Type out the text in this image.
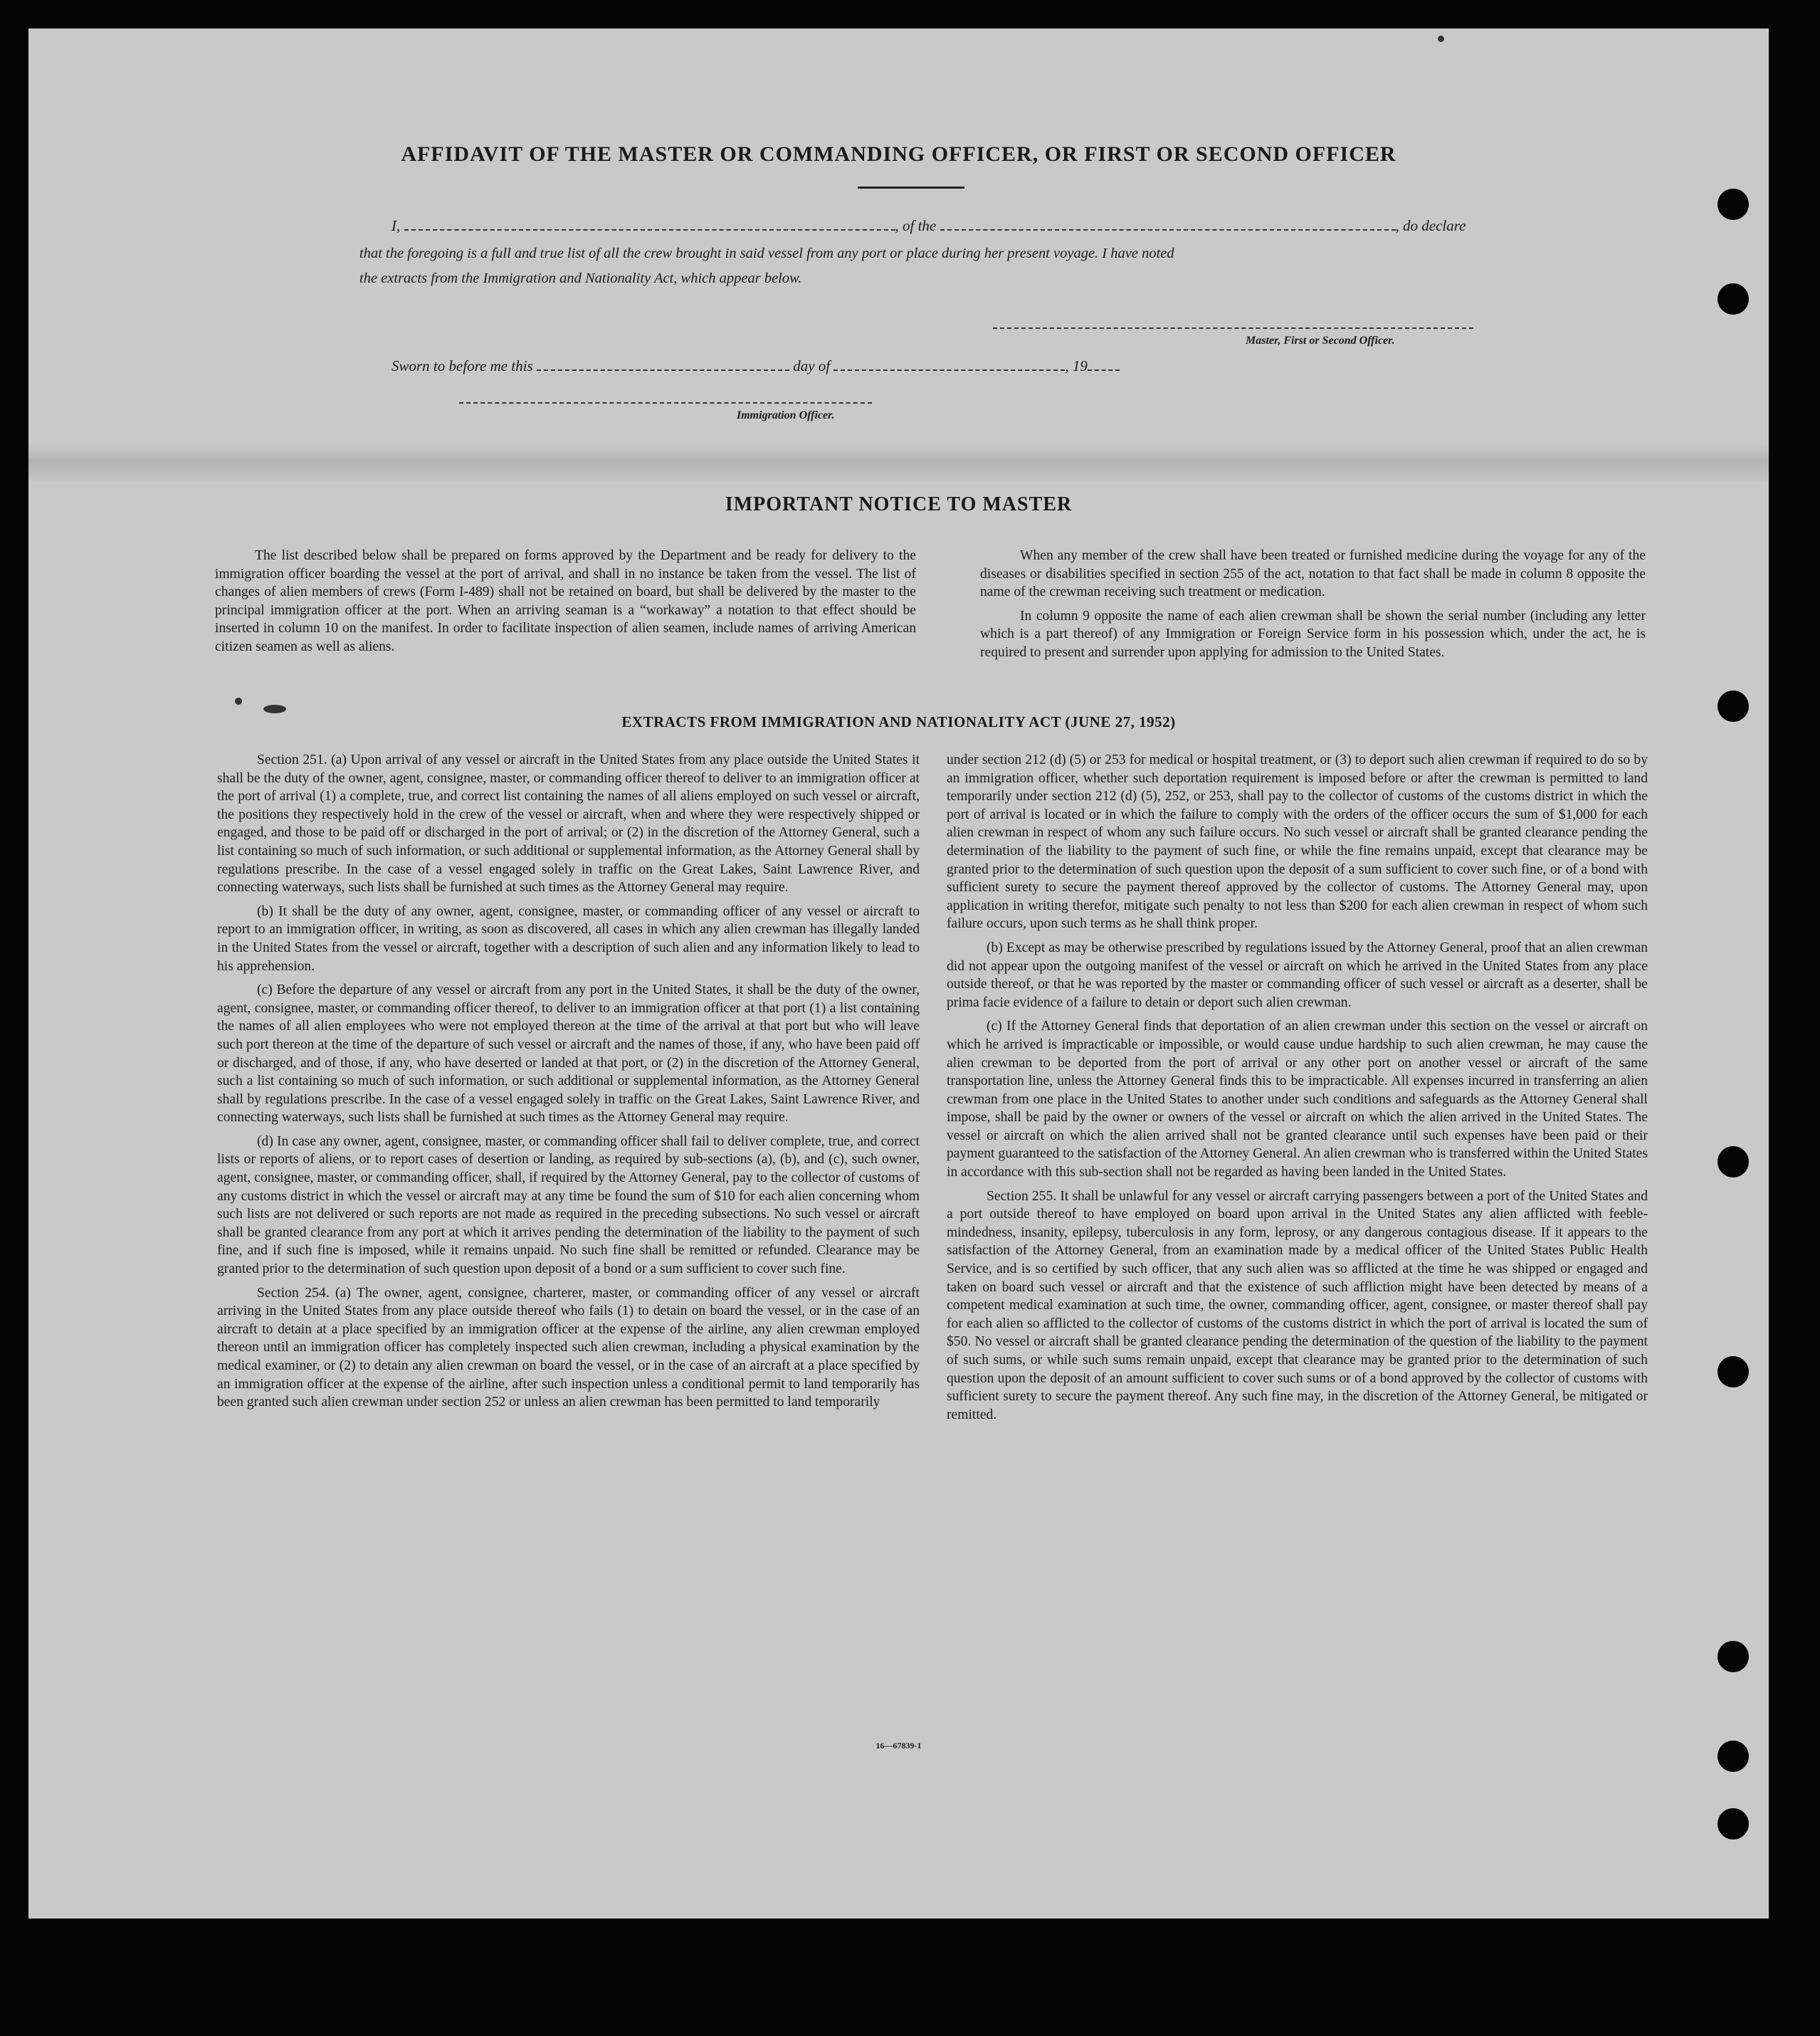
AFFIDAVIT OF THE MASTER OR COMMANDING OFFICER, OR FIRST OR SECOND OFFICER
I,	, of the	, do declare
that the foregoing is a full and true list of all the crew brought in said vessel from any port or place during her present voyage. I have noted
the extracts from the Immigration and Nationality Act, which appear below.
Master, First or Second Officer.
Sworn to before me this	day of	, 19
Immigration Officer.
IMPORTANT NOTICE TO MASTER

The list described below shall be prepared on forms approved by the Department and be ready for delivery to the immigration officer boarding the vessel at the port of arrival, and shall in no instance be taken from the vessel. The list of changes of alien members of crews (Form I-489) shall not be retained on board, but shall be delivered by the master to the principal immigration officer at the port. When an arriving seaman is a “workaway” a notation to that effect should be inserted in column 10 on the manifest. In order to facilitate inspection of alien seamen, include names of arriving American citizen seamen as well as aliens.

When any member of the crew shall have been treated or furnished medicine during the voyage for any of the diseases or disabilities specified in section 255 of the act, notation to that fact shall be made in column 8 opposite the name of the crewman receiving such treatment or medication.

In column 9 opposite the name of each alien crewman shall be shown the serial number (including any letter which is a part thereof) of any Immigration or Foreign Service form in his possession which, under the act, he is required to present and surrender upon applying for admission to the United States.

EXTRACTS FROM IMMIGRATION AND NATIONALITY ACT (JUNE 27, 1952)

Section 251. (a) Upon arrival of any vessel or aircraft in the United States from any place outside the United States it shall be the duty of the owner, agent, consignee, master, or commanding officer thereof to deliver to an immigration officer at the port of arrival (1) a complete, true, and correct list containing the names of all aliens employed on such vessel or aircraft, the positions they respectively hold in the crew of the vessel or aircraft, when and where they were respectively shipped or engaged, and those to be paid off or discharged in the port of arrival; or (2) in the discretion of the Attorney General, such a list containing so much of such information, or such additional or supplemental information, as the Attorney General shall by regulations prescribe. In the case of a vessel engaged solely in traffic on the Great Lakes, Saint Lawrence River, and connecting waterways, such lists shall be furnished at such times as the Attorney General may require.

(b) It shall be the duty of any owner, agent, consignee, master, or commanding officer of any vessel or aircraft to report to an immigration officer, in writing, as soon as discovered, all cases in which any alien crewman has illegally landed in the United States from the vessel or aircraft, together with a description of such alien and any information likely to lead to his apprehension.

(c) Before the departure of any vessel or aircraft from any port in the United States, it shall be the duty of the owner, agent, consignee, master, or commanding officer thereof, to deliver to an immigration officer at that port (1) a list containing the names of all alien employees who were not employed thereon at the time of the arrival at that port but who will leave such port thereon at the time of the departure of such vessel or aircraft and the names of those, if any, who have been paid off or discharged, and of those, if any, who have deserted or landed at that port, or (2) in the discretion of the Attorney General, such a list containing so much of such information, or such additional or supplemental information, as the Attorney General shall by regulations prescribe. In the case of a vessel engaged solely in traffic on the Great Lakes, Saint Lawrence River, and connecting waterways, such lists shall be furnished at such times as the Attorney General may require.

(d) In case any owner, agent, consignee, master, or commanding officer shall fail to deliver complete, true, and correct lists or reports of aliens, or to report cases of desertion or landing, as required by sub-sections (a), (b), and (c), such owner, agent, consignee, master, or commanding officer, shall, if required by the Attorney General, pay to the collector of customs of any customs district in which the vessel or aircraft may at any time be found the sum of $10 for each alien concerning whom such lists are not delivered or such reports are not made as required in the preceding subsections. No such vessel or aircraft shall be granted clearance from any port at which it arrives pending the determination of the liability to the payment of such fine, and if such fine is imposed, while it remains unpaid. No such fine shall be remitted or refunded. Clearance may be granted prior to the determination of such question upon deposit of a bond or a sum sufficient to cover such fine.

Section 254. (a) The owner, agent, consignee, charterer, master, or commanding officer of any vessel or aircraft arriving in the United States from any place outside thereof who fails (1) to detain on board the vessel, or in the case of an aircraft to detain at a place specified by an immigration officer at the expense of the airline, any alien crewman employed thereon until an immigration officer has completely inspected such alien crewman, including a physical examination by the medical examiner, or (2) to detain any alien crewman on board the vessel, or in the case of an aircraft at a place specified by an immigration officer at the expense of the airline, after such inspection unless a conditional permit to land temporarily has been granted such alien crewman under section 252 or unless an alien crewman has been permitted to land temporarily

under section 212 (d) (5) or 253 for medical or hospital treatment, or (3) to deport such alien crewman if required to do so by an immigration officer, whether such deportation requirement is imposed before or after the crewman is permitted to land temporarily under section 212 (d) (5), 252, or 253, shall pay to the collector of customs of the customs district in which the port of arrival is located or in which the failure to comply with the orders of the officer occurs the sum of $1,000 for each alien crewman in respect of whom any such failure occurs. No such vessel or aircraft shall be granted clearance pending the determination of the liability to the payment of such fine, or while the fine remains unpaid, except that clearance may be granted prior to the determination of such question upon the deposit of a sum sufficient to cover such fine, or of a bond with sufficient surety to secure the payment thereof approved by the collector of customs. The Attorney General may, upon application in writing therefor, mitigate such penalty to not less than $200 for each alien crewman in respect of whom such failure occurs, upon such terms as he shall think proper.

(b) Except as may be otherwise prescribed by regulations issued by the Attorney General, proof that an alien crewman did not appear upon the outgoing manifest of the vessel or aircraft on which he arrived in the United States from any place outside thereof, or that he was reported by the master or commanding officer of such vessel or aircraft as a deserter, shall be prima facie evidence of a failure to detain or deport such alien crewman.

(c) If the Attorney General finds that deportation of an alien crewman under this section on the vessel or aircraft on which he arrived is impracticable or impossible, or would cause undue hardship to such alien crewman, he may cause the alien crewman to be deported from the port of arrival or any other port on another vessel or aircraft of the same transportation line, unless the Attorney General finds this to be impracticable. All expenses incurred in transferring an alien crewman from one place in the United States to another under such conditions and safeguards as the Attorney General shall impose, shall be paid by the owner or owners of the vessel or aircraft on which the alien arrived in the United States. The vessel or aircraft on which the alien arrived shall not be granted clearance until such expenses have been paid or their payment guaranteed to the satisfaction of the Attorney General. An alien crewman who is transferred within the United States in accordance with this sub-section shall not be regarded as having been landed in the United States.

Section 255. It shall be unlawful for any vessel or aircraft carrying passengers between a port of the United States and a port outside thereof to have employed on board upon arrival in the United States any alien afflicted with feeble-mindedness, insanity, epilepsy, tuberculosis in any form, leprosy, or any dangerous contagious disease. If it appears to the satisfaction of the Attorney General, from an examination made by a medical officer of the United States Public Health Service, and is so certified by such officer, that any such alien was so afflicted at the time he was shipped or engaged and taken on board such vessel or aircraft and that the existence of such affliction might have been detected by means of a competent medical examination at such time, the owner, commanding officer, agent, consignee, or master thereof shall pay for each alien so afflicted to the collector of customs of the customs district in which the port of arrival is located the sum of $50. No vessel or aircraft shall be granted clearance pending the determination of the question of the liability to the payment of such sums, or while such sums remain unpaid, except that clearance may be granted prior to the determination of such question upon the deposit of an amount sufficient to cover such sums or of a bond approved by the collector of customs with sufficient surety to secure the payment thereof. Any such fine may, in the discretion of the Attorney General, be mitigated or remitted.

16—67839-1
